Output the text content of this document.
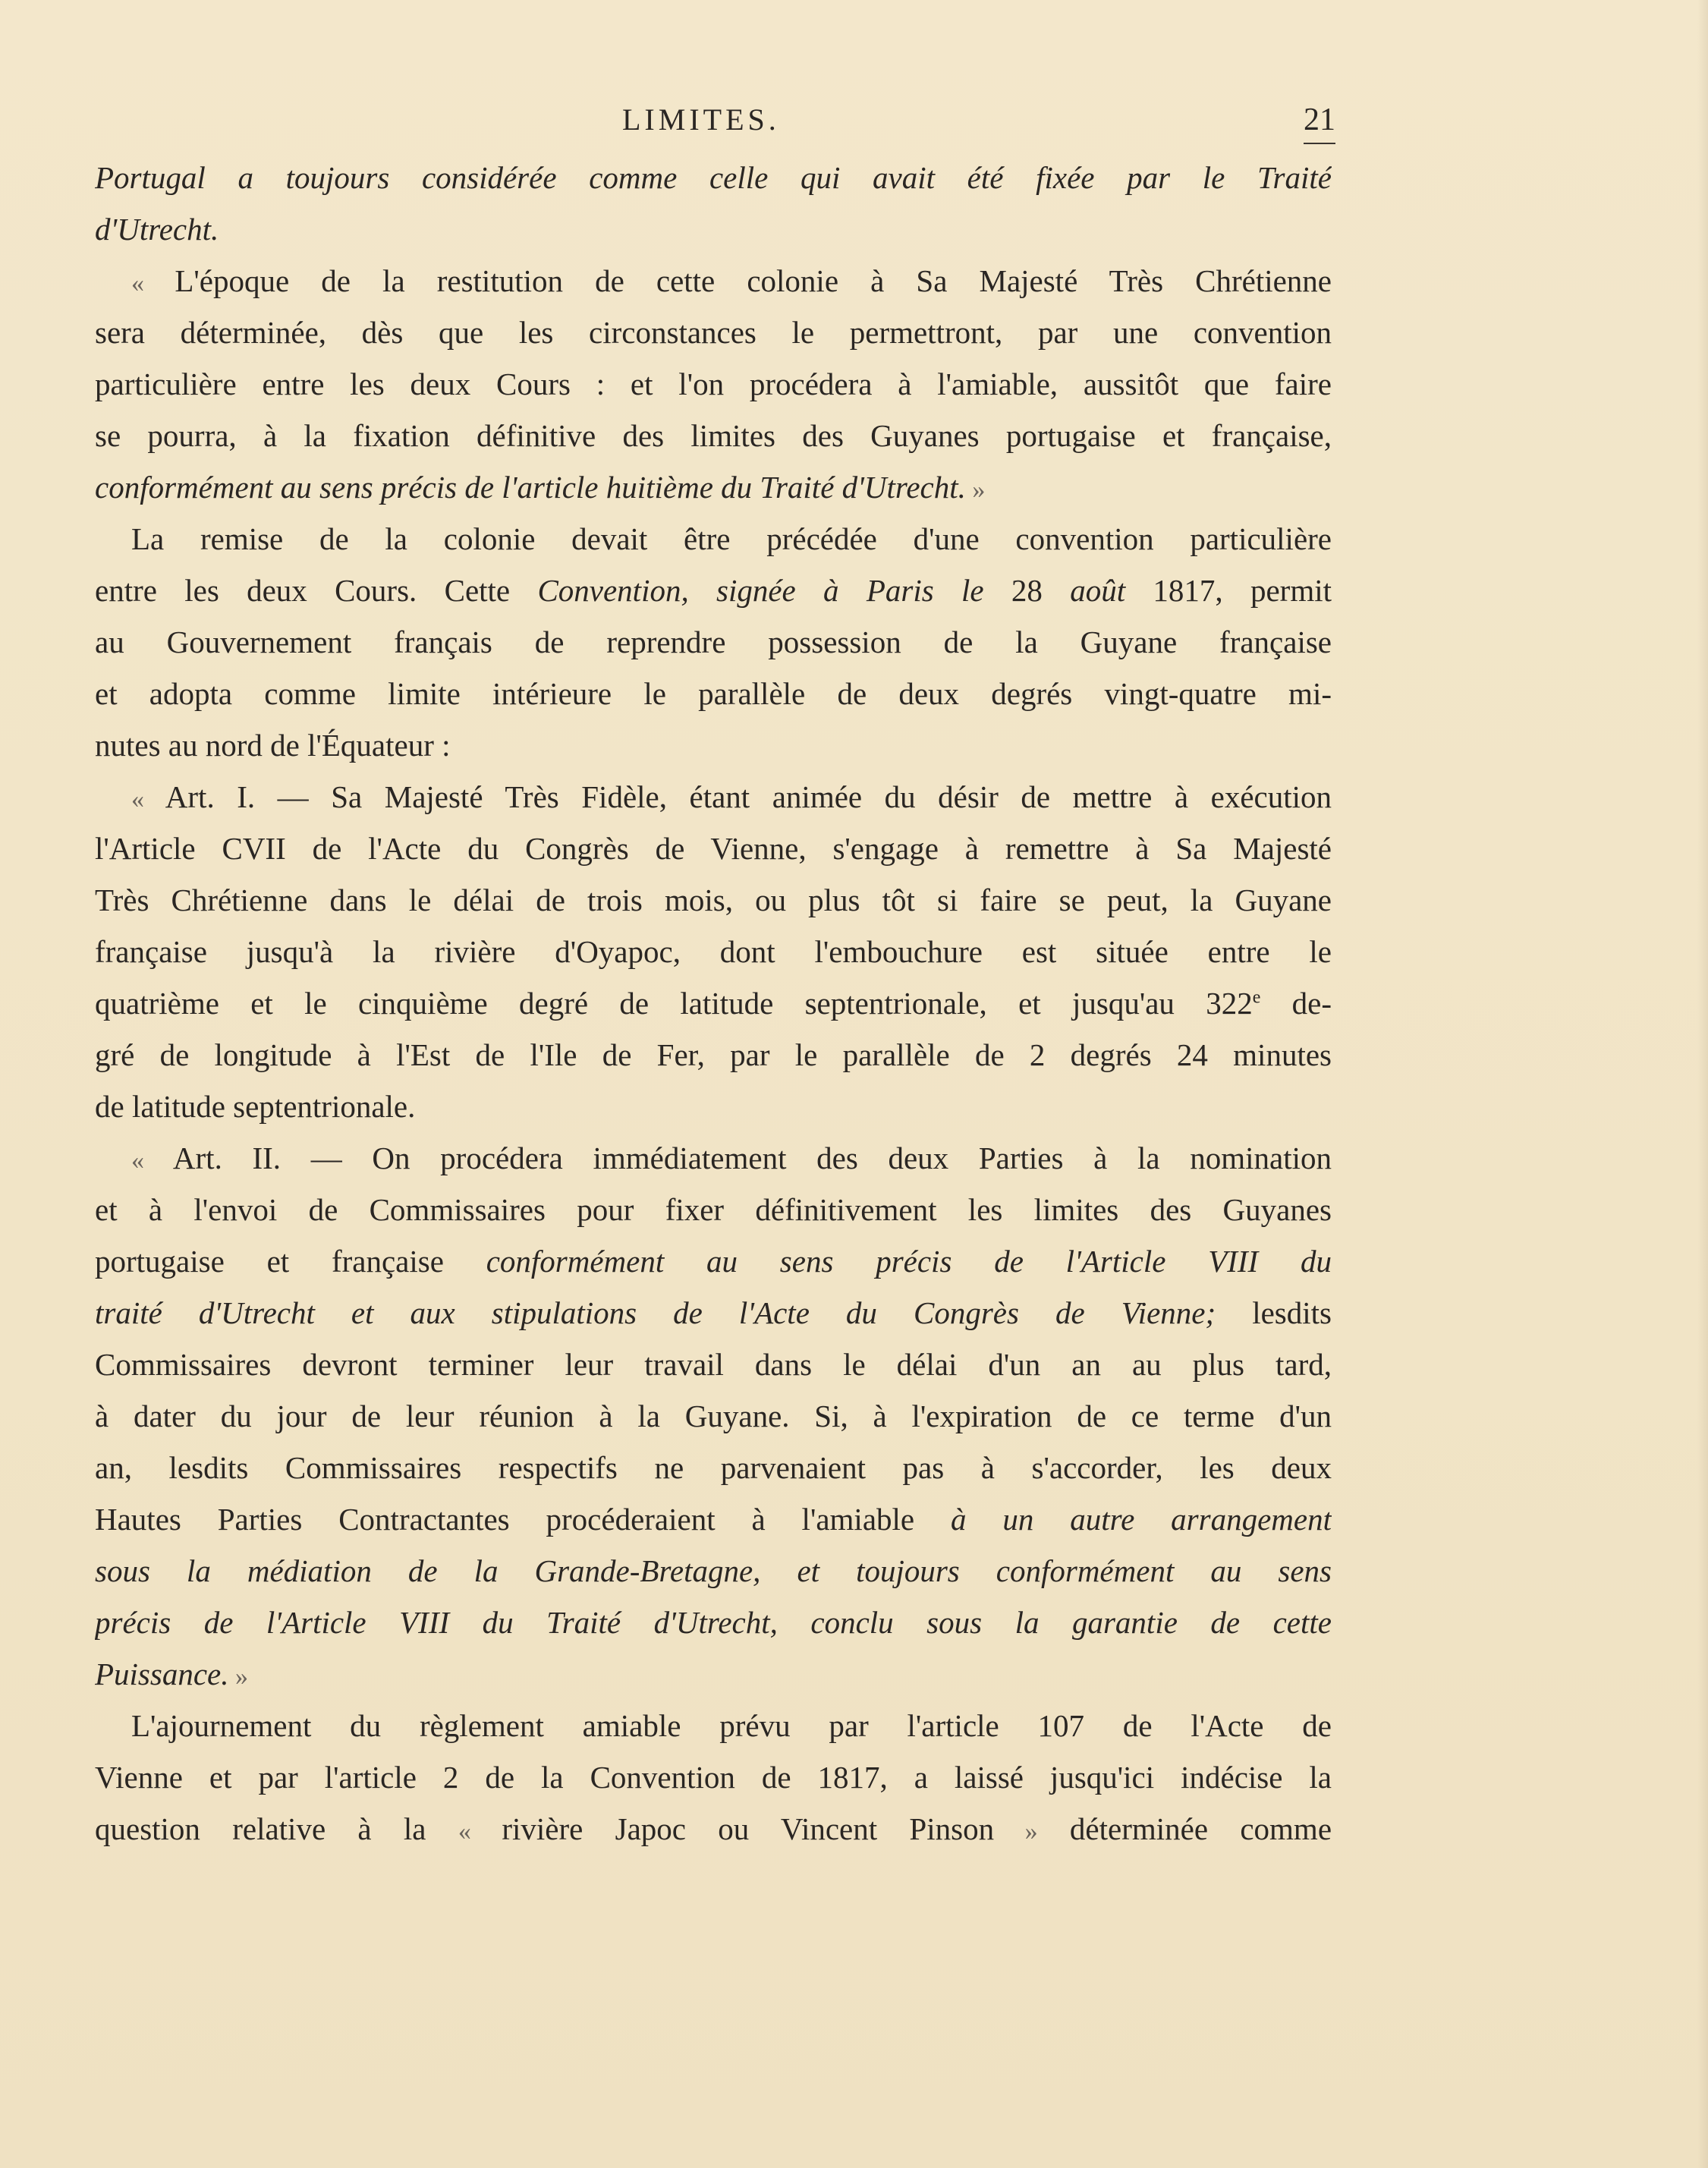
LIMITES.	21
Portugal a toujours considérée comme celle qui avait été fixée par le Traité
d'Utrecht.
« L'époque de la restitution de cette colonie à Sa Majesté Très Chrétienne
sera déterminée, dès que les circonstances le permettront, par une convention
particulière entre les deux Cours : et l'on procédera à l'amiable, aussitôt que faire
se pourra, à la fixation définitive des limites des Guyanes portugaise et française,
conformément au sens précis de l'article huitième du Traité d'Utrecht. »
La remise de la colonie devait être précédée d'une convention particulière
entre les deux Cours. Cette Convention, signée à Paris le 28 août 1817, permit
au Gouvernement français de reprendre possession de la Guyane française
et adopta comme limite intérieure le parallèle de deux degrés vingt-quatre mi-
nutes au nord de l'Équateur :
« Art. I. — Sa Majesté Très Fidèle, étant animée du désir de mettre à exécution
l'Article CVII de l'Acte du Congrès de Vienne, s'engage à remettre à Sa Majesté
Très Chrétienne dans le délai de trois mois, ou plus tôt si faire se peut, la Guyane
française jusqu'à la rivière d'Oyapoc, dont l'embouchure est située entre le
quatrième et le cinquième degré de latitude septentrionale, et jusqu'au 322e de-
gré de longitude à l'Est de l'Ile de Fer, par le parallèle de 2 degrés 24 minutes
de latitude septentrionale.
« Art. II. — On procédera immédiatement des deux Parties à la nomination
et à l'envoi de Commissaires pour fixer définitivement les limites des Guyanes
portugaise et française conformément au sens précis de l'Article VIII du
traité d'Utrecht et aux stipulations de l'Acte du Congrès de Vienne; lesdits
Commissaires devront terminer leur travail dans le délai d'un an au plus tard,
à dater du jour de leur réunion à la Guyane. Si, à l'expiration de ce terme d'un
an, lesdits Commissaires respectifs ne parvenaient pas à s'accorder, les deux
Hautes Parties Contractantes procéderaient à l'amiable à un autre arrangement
sous la médiation de la Grande-Bretagne, et toujours conformément au sens
précis de l'Article VIII du Traité d'Utrecht, conclu sous la garantie de cette
Puissance. »
L'ajournement du règlement amiable prévu par l'article 107 de l'Acte de
Vienne et par l'article 2 de la Convention de 1817, a laissé jusqu'ici indécise la
question relative à la « rivière Japoc ou Vincent Pinson » déterminée comme
